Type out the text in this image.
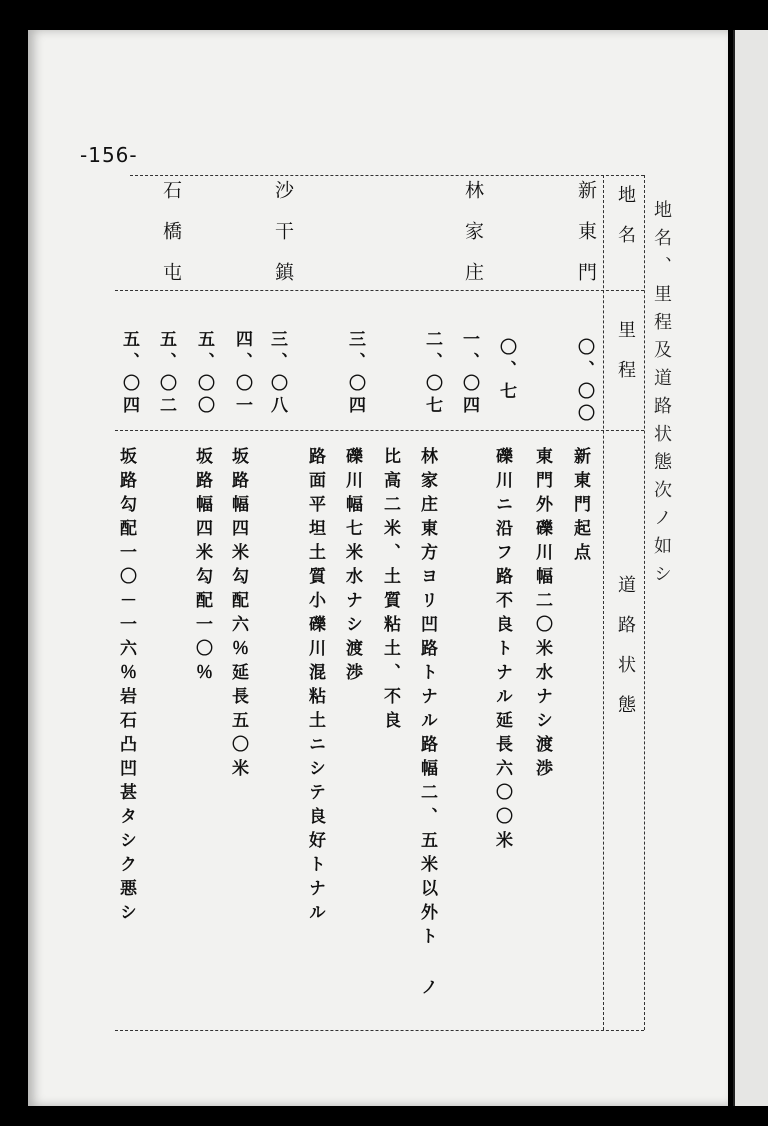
-156-
地名、里程及道路状態次ノ如シ
地名
里程
道路状態
新東門
林家庄
沙干鎮
石橋屯
〇、〇〇
〇、七
一、〇四
二、〇七
三、〇四
三、〇八
四、〇一
五、〇〇
五、〇二
五、〇四
新東門起点
東門外礫川幅二〇米水ナシ渡渉
礫川ニ沿フ路不良トナル延長六〇〇米
林家庄東方ヨリ凹路トナル路幅二、五米以外ト ノ
比高二米、土質粘土、不良
礫川幅七米水ナシ渡渉
路面平坦土質小礫川混粘土ニシテ良好トナル
坂路幅四米勾配六％延長五〇米
坂路幅四米勾配一〇％
坂路勾配一〇－一六％岩石凸凹甚タシク悪シ
